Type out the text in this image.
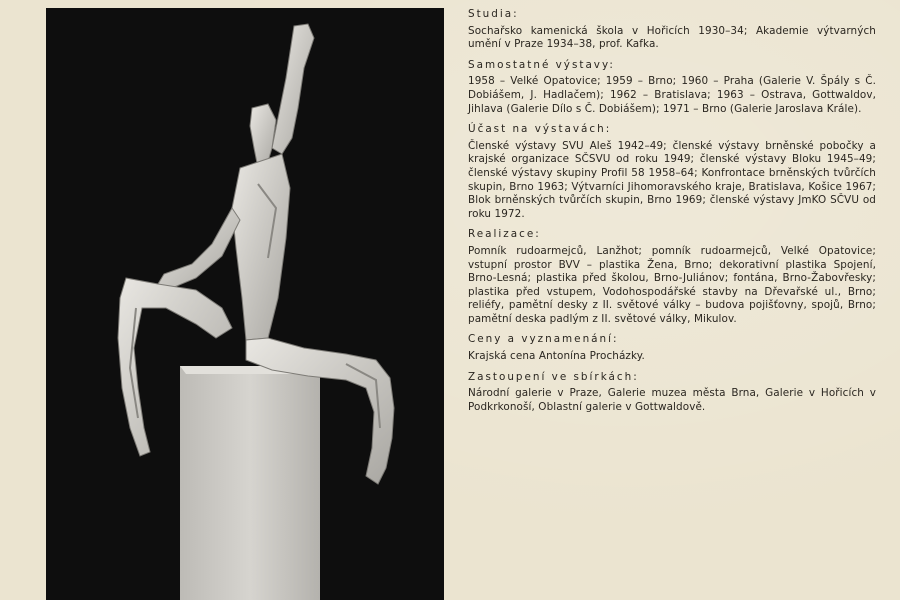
Studia:
Sochařsko kamenická škola v Hořicích 1930–34; Akademie výtvarných umění v Praze 1934–38, prof. Kafka.
Samostatné výstavy:
1958 – Velké Opatovice; 1959 – Brno; 1960 – Praha (Galerie V. Špály s Č. Dobiášem, J. Hadlačem); 1962 – Bratislava; 1963 – Ostrava, Gottwaldov, Jihlava (Galerie Dílo s Č. Dobiášem); 1971 – Brno (Galerie Jaroslava Krále).
Účast na výstavách:
Členské výstavy SVU Aleš 1942–49; členské výstavy brněnské pobočky a krajské organizace SČSVU od roku 1949; členské výstavy Bloku 1945–49; členské výstavy skupiny Profil 58 1958–64; Konfrontace brněnských tvůrčích skupin, Brno 1963; Výtvarníci Jihomoravského kraje, Bratislava, Košice 1967; Blok brněnských tvůrčích skupin, Brno 1969; členské výstavy JmKO SČVU od roku 1972.
Realizace:
Pomník rudoarmejců, Lanžhot; pomník rudoarmejců, Velké Opatovice; vstupní prostor BVV – plastika Žena, Brno; dekorativní plastika Spojení, Brno-Lesná; plastika před školou, Brno-Juliánov; fontána, Brno-Žabovřesky; plastika před vstupem, Vodohospodářské stavby na Dřevařské ul., Brno; reliéfy, pamětní desky z II. světové války – budova pojišťovny, spojů, Brno; pamětní deska padlým z II. světové války, Mikulov.
Ceny a vyznamenání:
Krajská cena Antonína Procházky.
Zastoupení ve sbírkách:
Národní galerie v Praze, Galerie muzea města Brna, Galerie v Hořicích v Podkrkonoší, Oblastní galerie v Gottwaldově.
